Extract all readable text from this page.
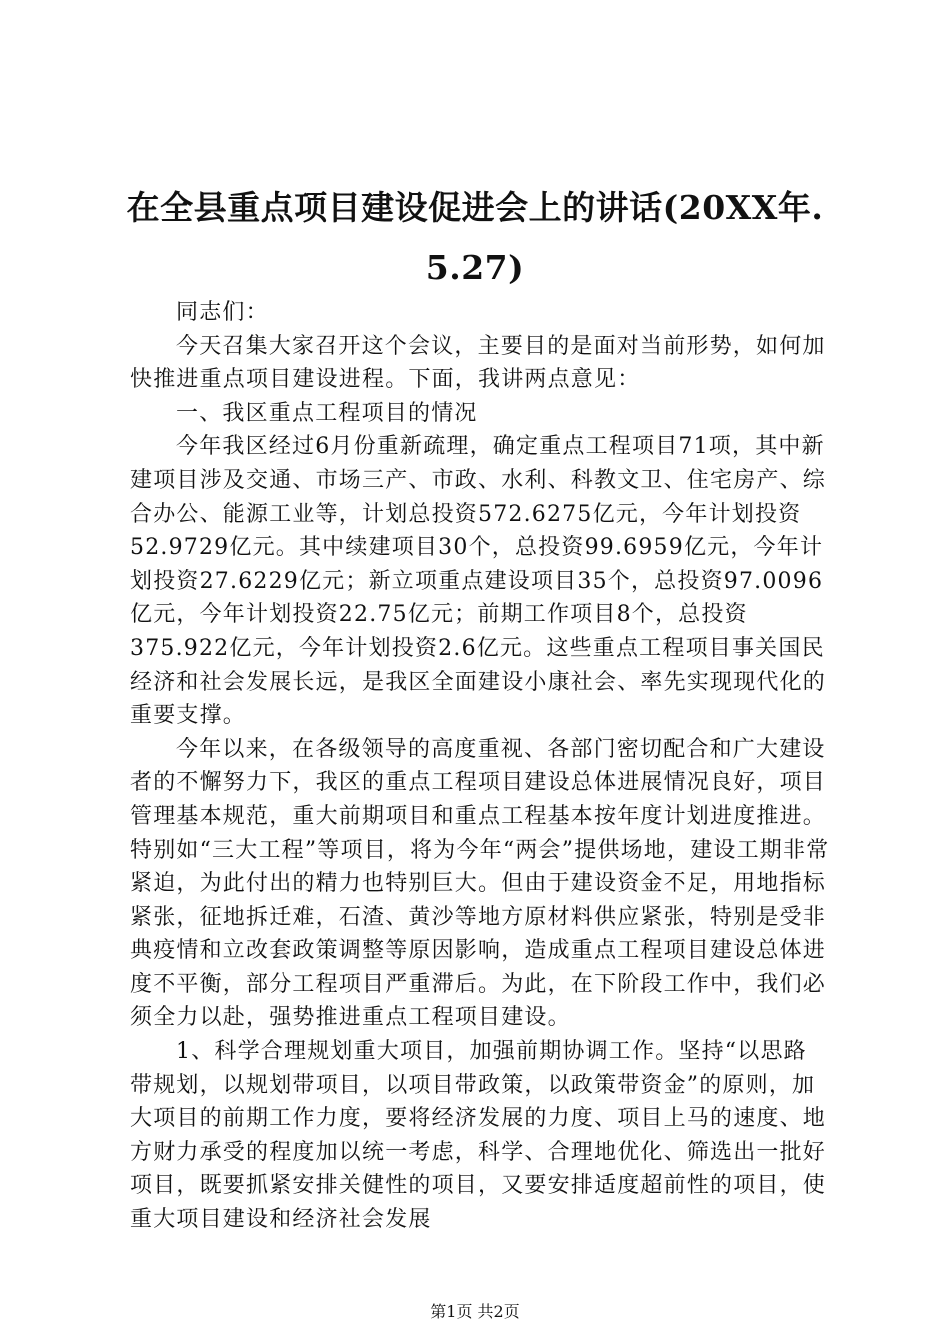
在全县重点项目建设促进会上的讲话(20XX年.
5.27)
同志们：
今天召集大家召开这个会议，主要目的是面对当前形势，如何加快推进重点项目建设进程。下面，我讲两点意见：
一、我区重点工程项目的情况
今年我区经过6月份重新疏理，确定重点工程项目71项，其中新建项目涉及交通、市场三产、市政、水利、科教文卫、住宅房产、综合办公、能源工业等，计划总投资572.6275亿元，今年计划投资52.9729亿元。其中续建项目30个，总投资99.6959亿元，今年计划投资27.6229亿元；新立项重点建设项目35个，总投资97.0096亿元，今年计划投资22.75亿元；前期工作项目8个，总投资375.922亿元，今年计划投资2.6亿元。这些重点工程项目事关国民经济和社会发展长远，是我区全面建设小康社会、率先实现现代化的重要支撑。
今年以来，在各级领导的高度重视、各部门密切配合和广大建设者的不懈努力下，我区的重点工程项目建设总体进展情况良好，项目管理基本规范，重大前期项目和重点工程基本按年度计划进度推进。特别如“三大工程”等项目，将为今年“两会”提供场地，建设工期非常紧迫，为此付出的精力也特别巨大。但由于建设资金不足，用地指标紧张，征地拆迁难，石渣、黄沙等地方原材料供应紧张，特别是受非典疫情和立改套政策调整等原因影响，造成重点工程项目建设总体进度不平衡，部分工程项目严重滞后。为此，在下阶段工作中，我们必须全力以赴，强势推进重点工程项目建设。
1、科学合理规划重大项目，加强前期协调工作。坚持“以思路带规划，以规划带项目，以项目带政策，以政策带资金”的原则，加大项目的前期工作力度，要将经济发展的力度、项目上马的速度、地方财力承受的程度加以统一考虑，科学、合理地优化、筛选出一批好项目，既要抓紧安排关健性的项目，又要安排适度超前性的项目，使重大项目建设和经济社会发展
第1页 共2页
